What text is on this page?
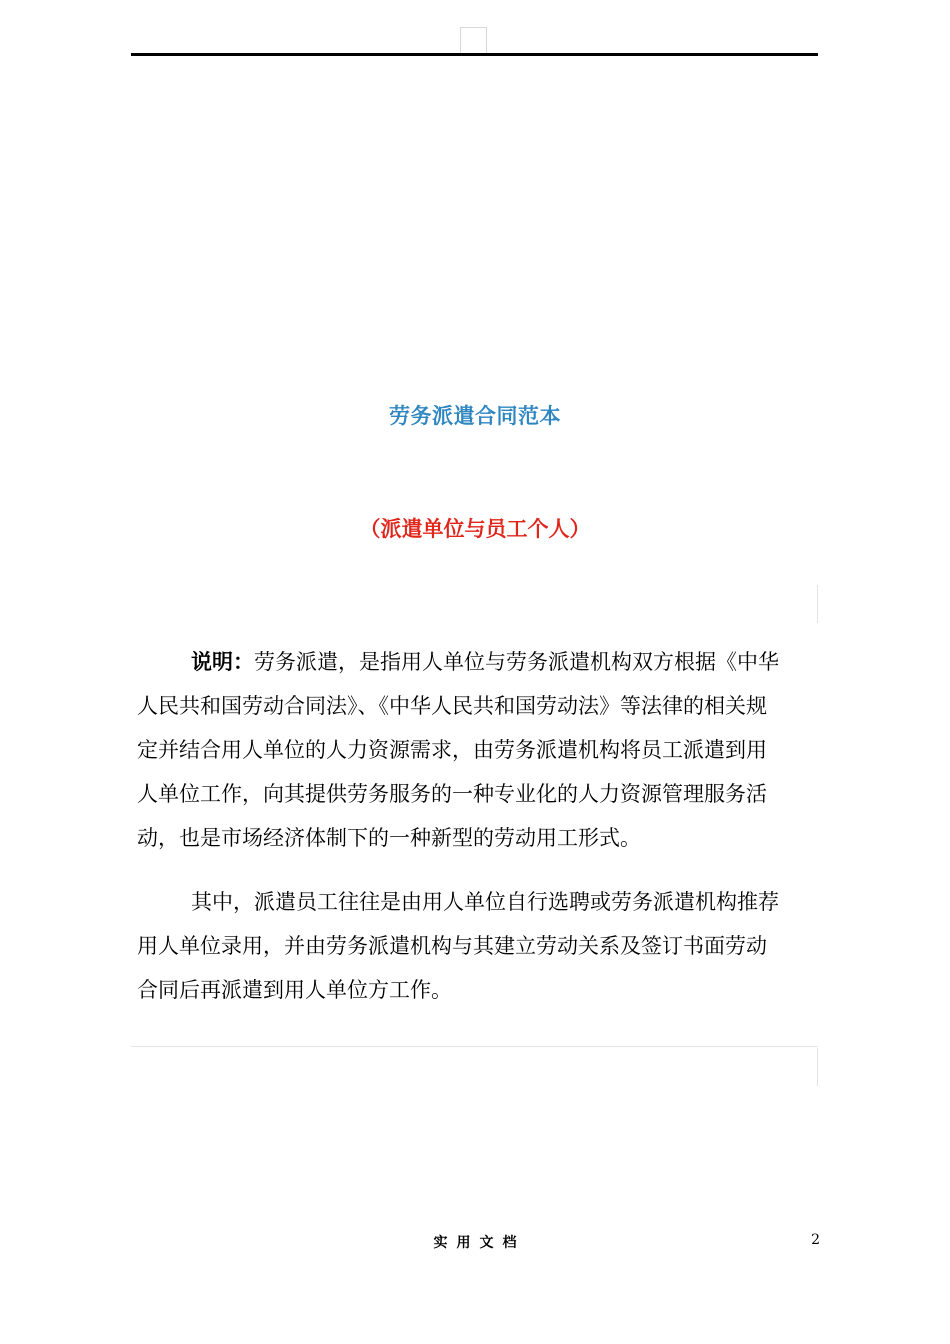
劳务派遣合同范本
（派遣单位与员工个人）
说明：劳务派遣，是指用人单位与劳务派遣机构双方根据《中华
人民共和国劳动合同法》、《中华人民共和国劳动法》等法律的相关规
定并结合用人单位的人力资源需求，由劳务派遣机构将员工派遣到用
人单位工作，向其提供劳务服务的一种专业化的人力资源管理服务活
动，也是市场经济体制下的一种新型的劳动用工形式。
其中，派遣员工往往是由用人单位自行选聘或劳务派遣机构推荐
用人单位录用，并由劳务派遣机构与其建立劳动关系及签订书面劳动
合同后再派遣到用人单位方工作。
实用文档	2
